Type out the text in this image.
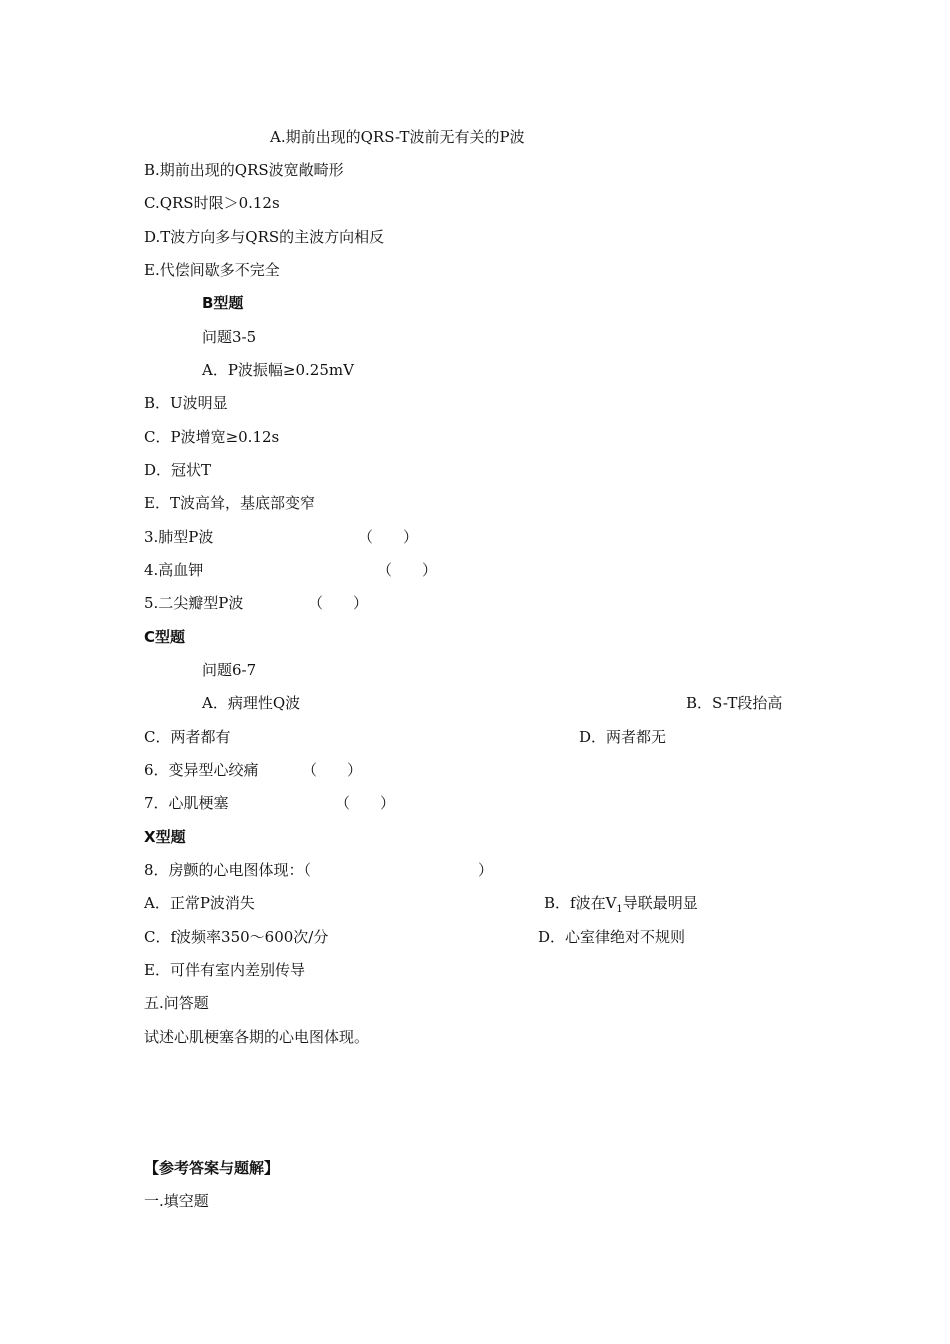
A.期前出现的QRS-T波前无有关的P波
B.期前出现的QRS波宽敞畸形
C.QRS时限＞0.12s
D.T波方向多与QRS的主波方向相反
E.代偿间歇多不完全
B型题
问题3-5
A．P波振幅≥0.25mV
B．U波明显
C．P波增宽≥0.12s
D．冠状T
E．T波高耸，基底部变窄
3.肺型P波	（　　）
4.高血钾	（　　）
5.二尖瓣型P波	（　　）
C型题
问题6-7
A．病理性Q波	B．S-T段抬高
C．两者都有	D．两者都无
6．变异型心绞痛	（　　）
7．心肌梗塞	（　　）
X型题
8．房颤的心电图体现：（	）
A．正常P波消失	B．f波在$V_1$导联最明显
C．f波频率350～600次/分	D．心室律绝对不规则
E．可伴有室内差别传导
五.问答题
试述心肌梗塞各期的心电图体现。
【参考答案与题解】
一.填空题
